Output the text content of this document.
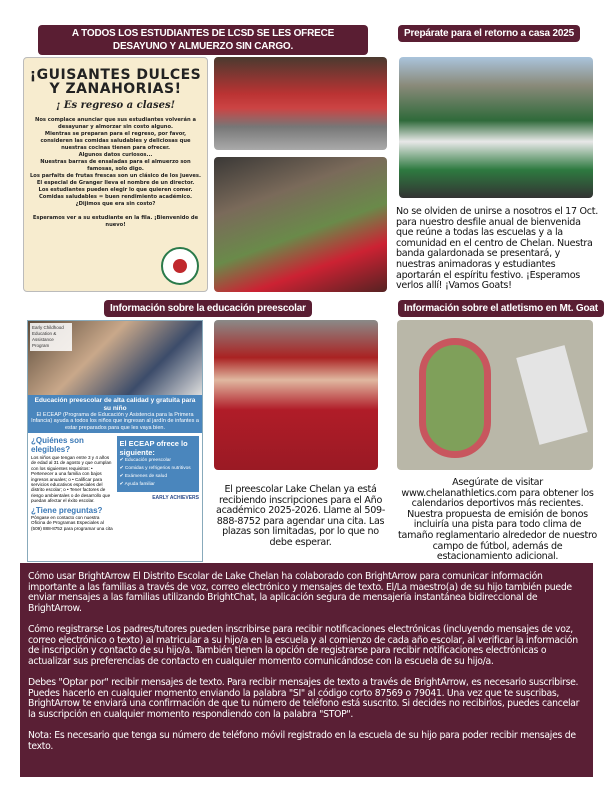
A TODOS LOS ESTUDIANTES DE LCSD SE LES OFRECE DESAYUNO Y ALMUERZO SIN CARGO.
Prepárate para el retorno a casa 2025
¡GUISANTES DULCES Y ZANAHORIAS!
¡ Es regreso a clases!

Nos complace anunciar que sus estudiantes volverán a desayunar y almorzar sin costo alguno.
Mientras se preparan para el regreso, por favor, consideren las comidas saludables y deliciosas que nuestras cocinas tienen para ofrecer.
Algunos datos curiosos...
Nuestras barras de ensaladas para el almuerzo son famosas, solo digo.
Los parfaits de frutas frescas son un clásico de los jueves.
El especial de Granger lleva el nombre de un director.
Los estudiantes pueden elegir lo que quieren comer.
Comidas saludables = buen rendimiento académico.
¿Dijimos que era sin costo?

Esperamos ver a su estudiante en la fila. ¡Bienvenido de nuevo!

No se olviden de unirse a nosotros el 17 Oct. para nuestro desfile anual de bienvenida que reúne a todas las escuelas y a la comunidad en el centro de Chelan. Nuestra banda galardonada se presentará, y nuestras animadoras y estudiantes aportarán el espíritu festivo. ¡Esperamos verlos allí! ¡Vamos Goats!
Información sobre la educación preescolar	Información sobre el atletismo en Mt. Goat
Early Childhood Education & Assistance Program
Educación preescolar de alta calidad y gratuita para su niño
El ECEAP (Programa de Educación y Asistencia para la Primera Infancia) ayuda a todos los niños que ingresan al jardín de infantes a estar preparados para que les vaya bien.
¿Quiénes son elegibles?
Los niños que tengan entre 3 y 4 años de edad al 31 de agosto y que cumplan con los siguientes requisitos: • Pertenecer a una familia con bajos ingresos anuales; o • Calificar para servicios educativos especiales del distrito escolar; o • Tener factores de riesgo ambientales o de desarrollo que puedan afectar el éxito escolar.
¿Tiene preguntas?
Póngase en contacto con nuestra Oficina de Programas Especiales al (509) 888-8752 para programar una cita
El ECEAP ofrece lo siguiente:
✔ Educación preescolar
✔ Comidas y refrigerios nutritivos
✔ Exámenes de salud
✔ Ayuda familiar
EARLY ACHIEVERS
El preescolar Lake Chelan ya está recibiendo inscripciones para el Año académico 2025-2026. Llame al 509-888-8752 para agendar una cita. Las plazas son limitadas, por lo que no debe esperar.
Asegúrate de visitar www.chelanathletics.com para obtener los calendarios deportivos más recientes. Nuestra propuesta de emisión de bonos incluiría una pista para todo clima de tamaño reglamentario alrededor de nuestro campo de fútbol, además de estacionamiento adicional.

Cómo usar BrightArrow El Distrito Escolar de Lake Chelan ha colaborado con BrightArrow para comunicar información importante a las familias a través de voz, correo electrónico y mensajes de texto. El/La maestro(a) de su hijo también puede enviar mensajes a las familias utilizando BrightChat, la aplicación segura de mensajería instantánea bidireccional de BrightArrow.

Cómo registrarse Los padres/tutores pueden inscribirse para recibir notificaciones electrónicas (incluyendo mensajes de voz, correo electrónico o texto) al matricular a su hijo/a en la escuela y al comienzo de cada año escolar, al verificar la información de inscripción y contacto de su hijo/a. También tienen la opción de registrarse para recibir notificaciones electrónicas o actualizar sus preferencias de contacto en cualquier momento comunicándose con la escuela de su hijo/a.

Debes "Optar por" recibir mensajes de texto. Para recibir mensajes de texto a través de BrightArrow, es necesario suscribirse. Puedes hacerlo en cualquier momento enviando la palabra "SI" al código corto 87569 o 79041. Una vez que te suscribas, BrightArrow te enviará una confirmación de que tu número de teléfono está suscrito. Si decides no recibirlos, puedes cancelar la suscripción en cualquier momento respondiendo con la palabra "STOP".

Nota: Es necesario que tenga su número de teléfono móvil registrado en la escuela de su hijo para poder recibir mensajes de texto.
